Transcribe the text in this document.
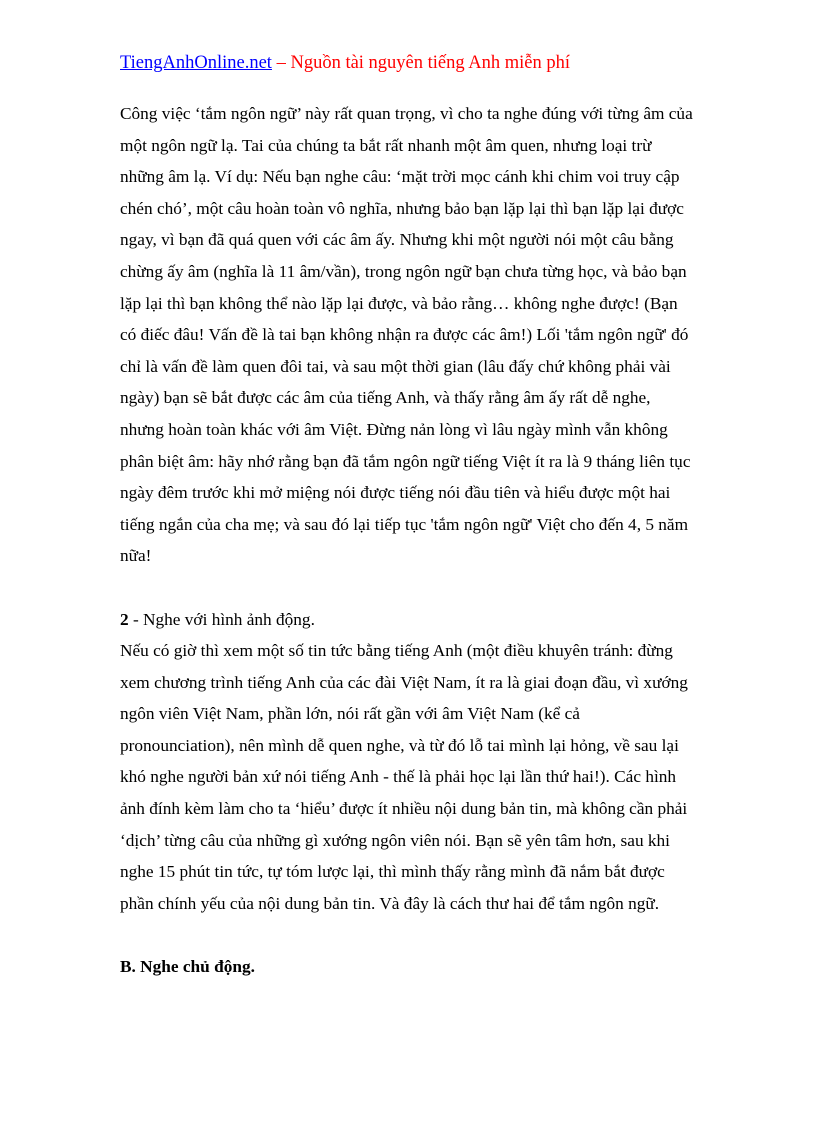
TiengAnhOnline.net – Nguồn tài nguyên tiếng Anh miễn phí

Công việc ‘tắm ngôn ngữ’ này rất quan trọng, vì cho ta nghe đúng với từng âm của
một ngôn ngữ lạ. Tai của chúng ta bắt rất nhanh một âm quen, nhưng loại trừ
những âm lạ. Ví dụ: Nếu bạn nghe câu: ‘mặt trời mọc cánh khi chim voi truy cập
chén chó’, một câu hoàn toàn vô nghĩa, nhưng bảo bạn lặp lại thì bạn lặp lại được
ngay, vì bạn đã quá quen với các âm ấy. Nhưng khi một người nói một câu bằng
chừng ấy âm (nghĩa là 11 âm/vần), trong ngôn ngữ bạn chưa từng học, và bảo bạn
lặp lại thì bạn không thể nào lặp lại được, và bảo rằng… không nghe được! (Bạn
có điếc đâu! Vấn đề là tai bạn không nhận ra được các âm!) Lối 'tắm ngôn ngữ' đó
chỉ là vấn đề làm quen đôi tai, và sau một thời gian (lâu đấy chứ không phải vài
ngày) bạn sẽ bắt được các âm của tiếng Anh, và thấy rằng âm ấy rất dễ nghe,
nhưng hoàn toàn khác với âm Việt. Đừng nản lòng vì lâu ngày mình vẫn không
phân biệt âm: hãy nhớ rằng bạn đã tắm ngôn ngữ tiếng Việt ít ra là 9 tháng liên tục
ngày đêm trước khi mở miệng nói được tiếng nói đầu tiên và hiểu được một hai
tiếng ngắn của cha mẹ; và sau đó lại tiếp tục 'tắm ngôn ngữ' Việt cho đến 4, 5 năm
nữa!

2 - Nghe với hình ảnh động.

Nếu có giờ thì xem một số tin tức bằng tiếng Anh (một điều khuyên tránh: đừng
xem chương trình tiếng Anh của các đài Việt Nam, ít ra là giai đoạn đầu, vì xướng
ngôn viên Việt Nam, phần lớn, nói rất gần với âm Việt Nam (kể cả
pronounciation), nên mình dễ quen nghe, và từ đó lỗ tai mình lại hỏng, về sau lại
khó nghe người bản xứ nói tiếng Anh - thế là phải học lại lần thứ hai!). Các hình
ảnh đính kèm làm cho ta ‘hiểu’ được ít nhiều nội dung bản tin, mà không cần phải
‘dịch’ từng câu của những gì xướng ngôn viên nói. Bạn sẽ yên tâm hơn, sau khi
nghe 15 phút tin tức, tự tóm lược lại, thì mình thấy rằng mình đã nắm bắt được
phần chính yếu của nội dung bản tin. Và đây là cách thư hai để tắm ngôn ngữ.

B. Nghe chủ động.
